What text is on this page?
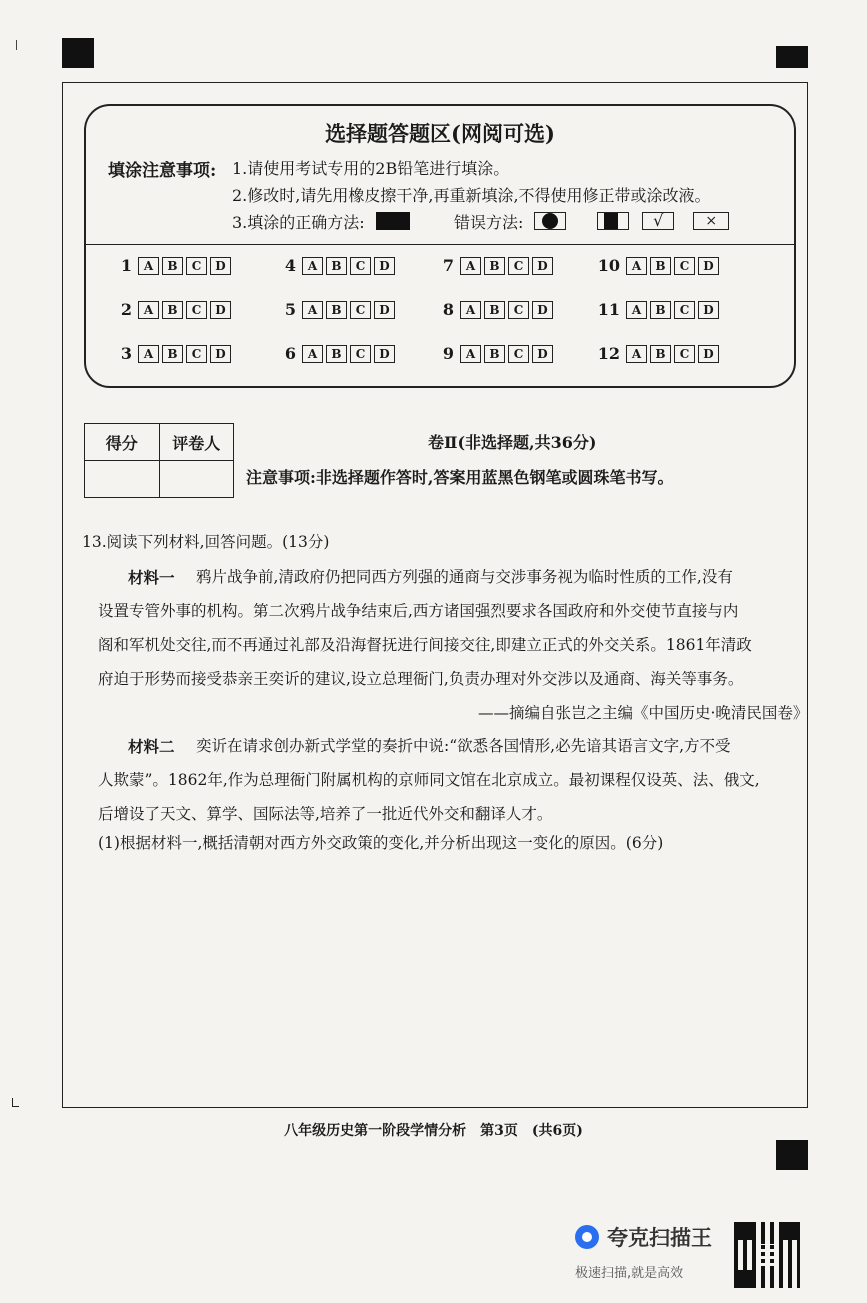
选择题答题区(网阅可选)
填涂注意事项: 1.请使用考试专用的2B铅笔进行填涂。
2.修改时,请先用橡皮擦干净,再重新填涂,不得使用修正带或涂改液。
3.填涂的正确方法:	错误方法:
	√	×
1 A	B	C	D
2 A	B	C	D
3 A	B	C	D
4 A	B	C	D
5 A	B	C	D
6 A	B	C	D
7 A	B	C	D
8 A	B	C	D
9 A	B	C	D
10 A	B	C	D
11 A	B	C	D
12 A	B	C	D
得分	评卷人
		卷Ⅱ(非选择题,共36分)
注意事项:非选择题作答时,答案用蓝黑色钢笔或圆珠笔书写。
13.阅读下列材料,回答问题。(13分)
材料一 鸦片战争前,清政府仍把同西方列强的通商与交涉事务视为临时性质的工作,没有
设置专管外事的机构。第二次鸦片战争结束后,西方诸国强烈要求各国政府和外交使节直接与内
阁和军机处交往,而不再通过礼部及沿海督抚进行间接交往,即建立正式的外交关系。1861年清政
府迫于形势而接受恭亲王奕䜣的建议,设立总理衙门,负责办理对外交涉以及通商、海关等事务。
——摘编自张岂之主编《中国历史·晚清民国卷》
材料二 奕䜣在请求创办新式学堂的奏折中说:“欲悉各国情形,必先谙其语言文字,方不受
人欺蒙”。1862年,作为总理衙门附属机构的京师同文馆在北京成立。最初课程仅设英、法、俄文,
后增设了天文、算学、国际法等,培养了一批近代外交和翻译人才。
(1)根据材料一,概括清朝对西方外交政策的变化,并分析出现这一变化的原因。(6分)
八年级历史第一阶段学情分析　第3页　(共6页)
夸克扫描王
极速扫描,就是高效
